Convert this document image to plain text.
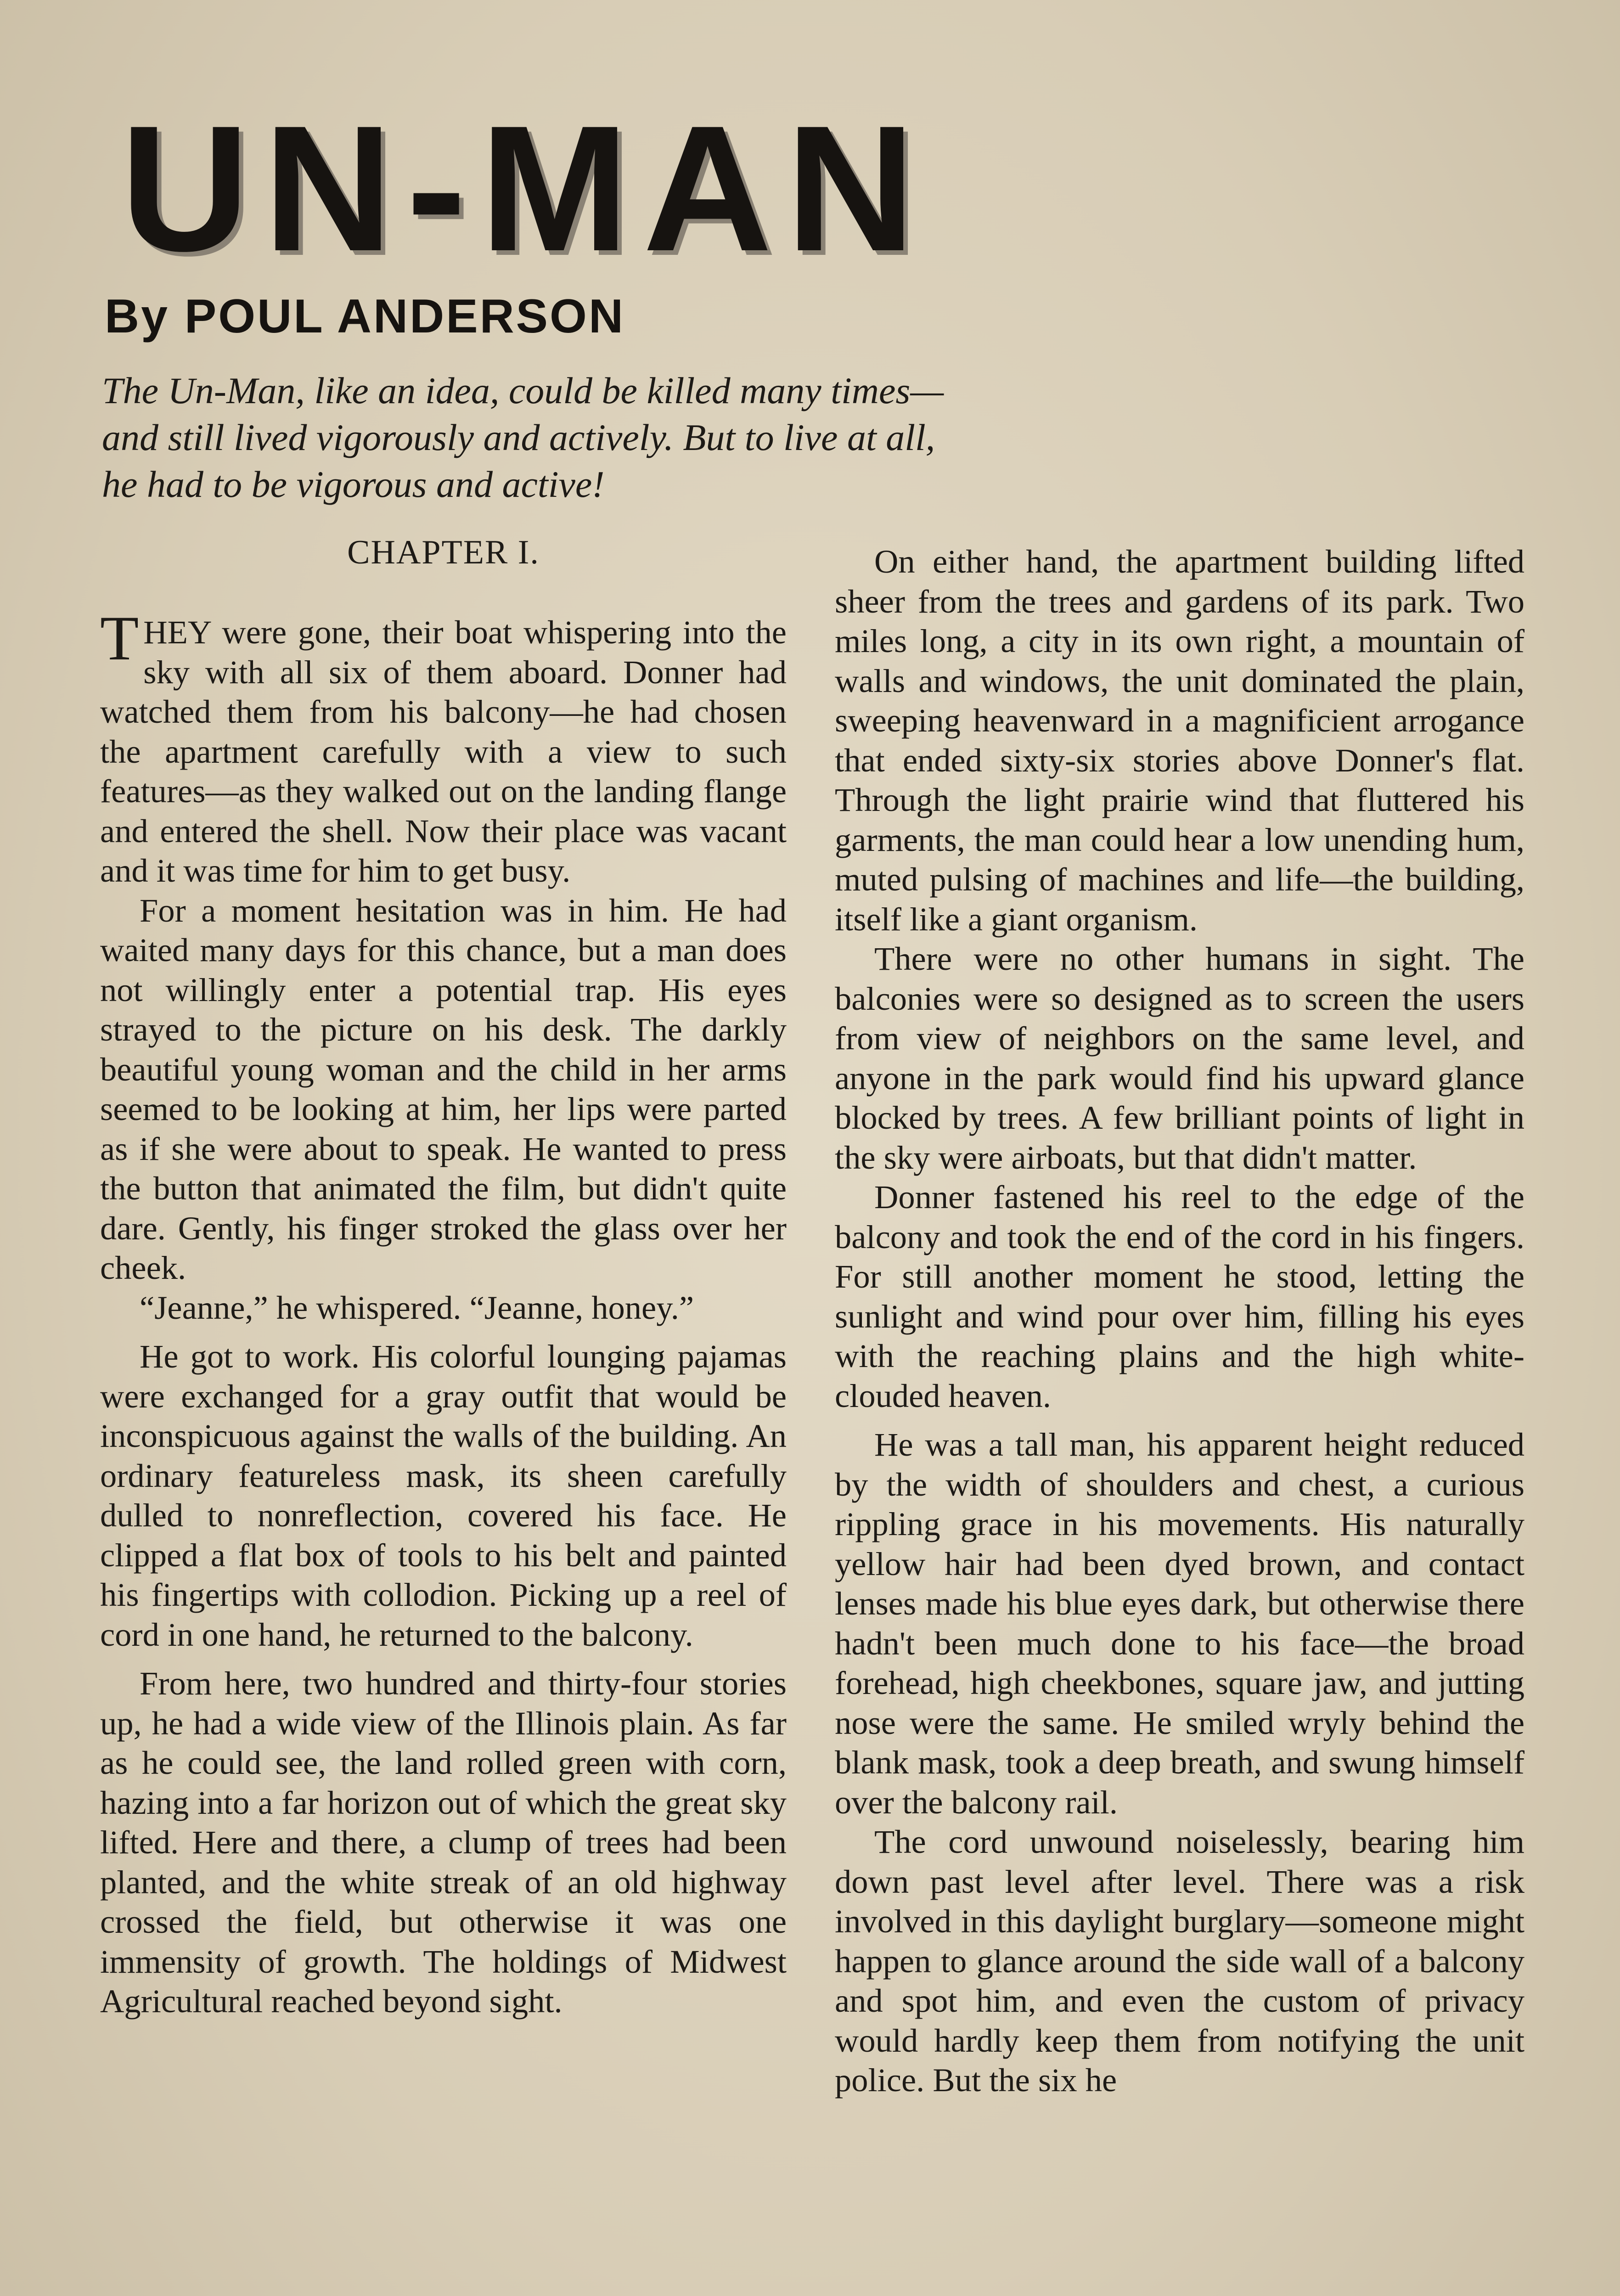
UN-MAN

By POUL ANDERSON

The Un-Man, like an idea, could be killed many times—
and still lived vigorously and actively. But to live at all,
he had to be vigorous and active!

CHAPTER I.

THEY were gone, their boat whispering into the sky with all six of them aboard. Donner had watched them from his balcony—he had chosen the apartment carefully with a view to such features—as they walked out on the landing flange and entered the shell. Now their place was vacant and it was time for him to get busy.

For a moment hesitation was in him. He had waited many days for this chance, but a man does not willingly enter a potential trap. His eyes strayed to the picture on his desk. The darkly beautiful young woman and the child in her arms seemed to be looking at him, her lips were parted as if she were about to speak. He wanted to press the button that animated the film, but didn't quite dare. Gently, his finger stroked the glass over her cheek.

“Jeanne,” he whispered. “Jeanne, honey.”

He got to work. His colorful lounging pajamas were exchanged for a gray outfit that would be inconspicuous against the walls of the building. An ordinary featureless mask, its sheen carefully dulled to nonreflection, covered his face. He clipped a flat box of tools to his belt and painted his fingertips with collodion. Picking up a reel of cord in one hand, he returned to the balcony.

From here, two hundred and thirty-four stories up, he had a wide view of the Illinois plain. As far as he could see, the land rolled green with corn, hazing into a far horizon out of which the great sky lifted. Here and there, a clump of trees had been planted, and the white streak of an old highway crossed the field, but otherwise it was one immensity of growth. The holdings of Midwest Agricultural reached beyond sight.

On either hand, the apartment building lifted sheer from the trees and gardens of its park. Two miles long, a city in its own right, a mountain of walls and windows, the unit dominated the plain, sweeping heavenward in a magnificient arrogance that ended sixty-six stories above Donner's flat. Through the light prairie wind that fluttered his garments, the man could hear a low unending hum, muted pulsing of machines and life—the building, itself like a giant organism.

There were no other humans in sight. The balconies were so designed as to screen the users from view of neighbors on the same level, and anyone in the park would find his upward glance blocked by trees. A few brilliant points of light in the sky were airboats, but that didn't matter.

Donner fastened his reel to the edge of the balcony and took the end of the cord in his fingers. For still another moment he stood, letting the sunlight and wind pour over him, filling his eyes with the reaching plains and the high white-clouded heaven.

He was a tall man, his apparent height reduced by the width of shoulders and chest, a curious rippling grace in his movements. His naturally yellow hair had been dyed brown, and contact lenses made his blue eyes dark, but otherwise there hadn't been much done to his face—the broad forehead, high cheekbones, square jaw, and jutting nose were the same. He smiled wryly behind the blank mask, took a deep breath, and swung himself over the balcony rail.

The cord unwound noiselessly, bearing him down past level after level. There was a risk involved in this daylight burglary—someone might happen to glance around the side wall of a balcony and spot him, and even the custom of privacy would hardly keep them from notifying the unit police. But the six he
